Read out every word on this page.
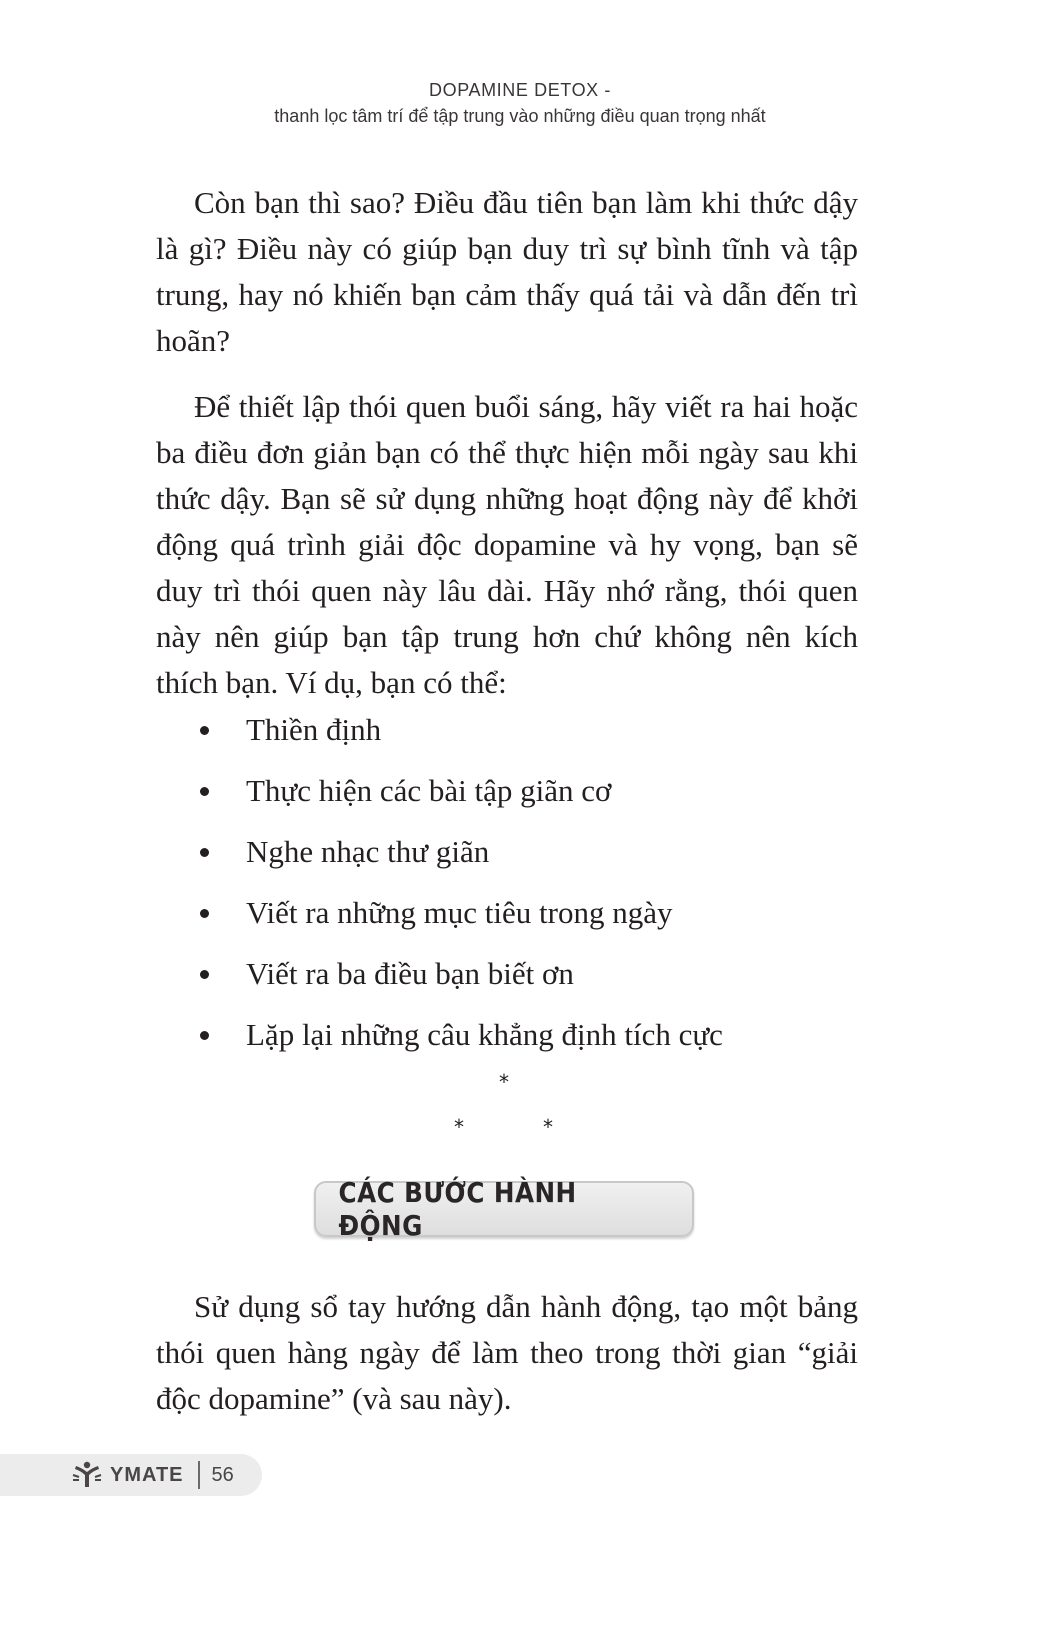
DOPAMINE DETOX -
thanh lọc tâm trí để tập trung vào những điều quan trọng nhất

Còn bạn thì sao? Điều đầu tiên bạn làm khi thức dậy là gì? Điều này có giúp bạn duy trì sự bình tĩnh và tập trung, hay nó khiến bạn cảm thấy quá tải và dẫn đến trì hoãn?

Để thiết lập thói quen buổi sáng, hãy viết ra hai hoặc ba điều đơn giản bạn có thể thực hiện mỗi ngày sau khi thức dậy. Bạn sẽ sử dụng những hoạt động này để khởi động quá trình giải độc dopamine và hy vọng, bạn sẽ duy trì thói quen này lâu dài. Hãy nhớ rằng, thói quen này nên giúp bạn tập trung hơn chứ không nên kích thích bạn. Ví dụ, bạn có thể:

Thiền định
Thực hiện các bài tập giãn cơ
Nghe nhạc thư giãn
Viết ra những mục tiêu trong ngày
Viết ra ba điều bạn biết ơn
Lặp lại những câu khẳng định tích cực
*
*	*
CÁC BƯỚC HÀNH ĐỘNG

Sử dụng sổ tay hướng dẫn hành động, tạo một bảng thói quen hàng ngày để làm theo trong thời gian “giải độc dopamine” (và sau này).

YMATE 56
